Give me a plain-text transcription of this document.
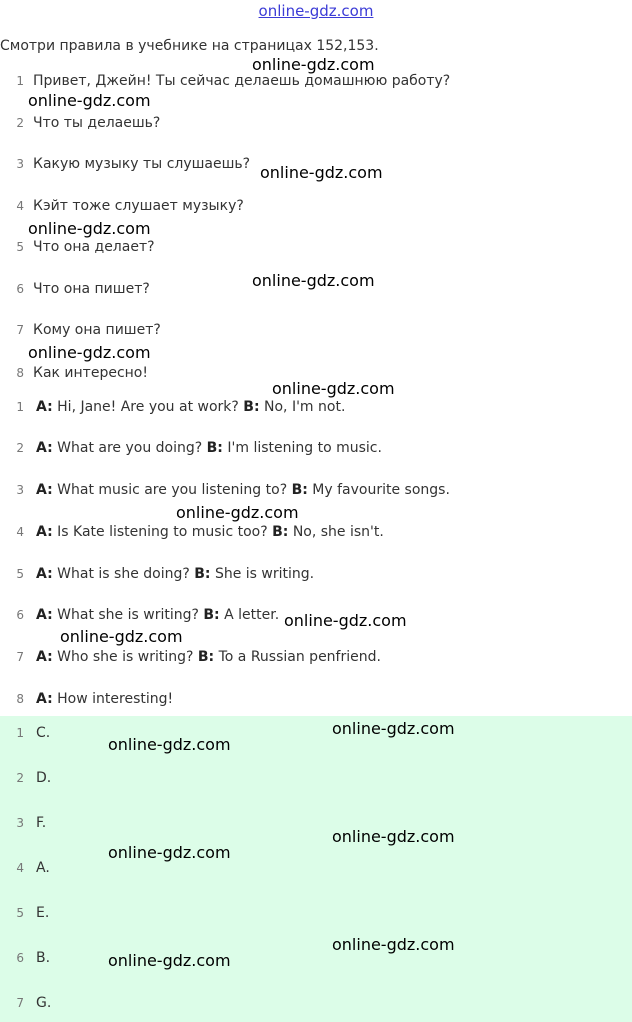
online-gdz.com
Смотри правила в учебнике на страницах 152,153.
1 Привет, Джейн! Ты сейчас делаешь домашнюю работу?
2 Что ты делаешь?
3 Какую музыку ты слушаешь?
4 Кэйт тоже слушает музыку?
5 Что она делает?
6 Что она пишет?
7 Кому она пишет?
8 Как интересно!
1 A: Hi, Jane! Are you at work? B: No, I'm not.
2 A: What are you doing? B: I'm listening to music.
3 A: What music are you listening to? B: My favourite songs.
4 A: Is Kate listening to music too? B: No, she isn't.
5 A: What is she doing? B: She is writing.
6 A: What she is writing? B: A letter.
7 A: Who she is writing? B: To a Russian penfriend.
8 A: How interesting!
1 C.
2 D.
3 F.
4 A.
5 E.
6 B.
7 G.
online-gdz.com
online-gdz.com
online-gdz.com
online-gdz.com
online-gdz.com
online-gdz.com
online-gdz.com
online-gdz.com
online-gdz.com
online-gdz.com
online-gdz.com
online-gdz.com
online-gdz.com
online-gdz.com
online-gdz.com
online-gdz.com
